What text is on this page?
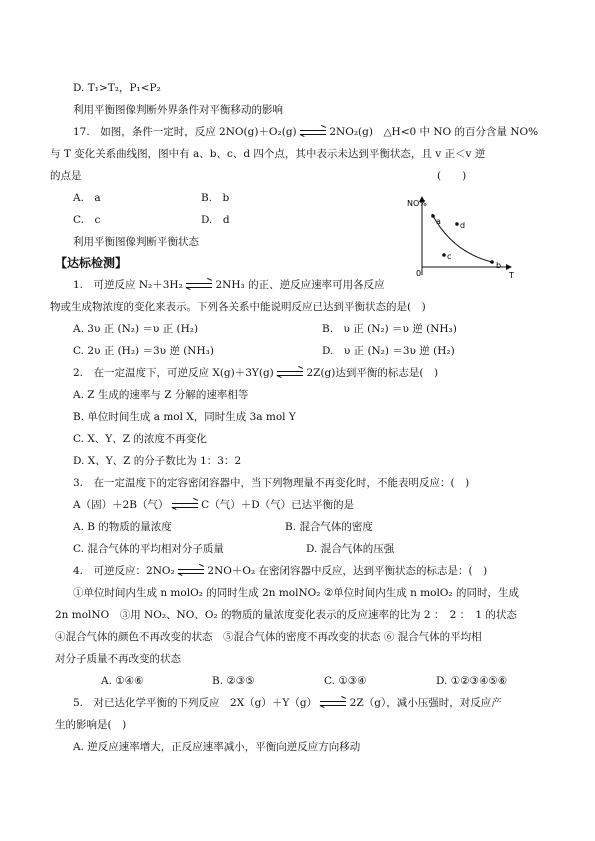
D. T₁>T₂，P₁<P₂
利用平衡图像判断外界条件对平衡移动的影响
17.　如图，条件一定时，反应 2NO(g)＋O₂(g)	2NO₂(g)　△H<0 中 NO 的百分含量 NO%
与 T 变化关系曲线图，图中有 a、b、c、d 四个点，其中表示未达到平衡状态，且 v 正＜v 逆
的点是	(　　)
A.　a	B.　b
C.　c	D.　d
利用平衡图像判断平衡状态
NO%
T
0
a
b
c
d
【达标检测】
1.　可逆反应 N₂＋3H₂	2NH₃ 的正、逆反应速率可用各反应
物或生成物浓度的变化来表示。下列各关系中能说明反应已达到平衡状态的是(　)
A. 3υ 正 (N₂) ＝υ 正 (H₂)	B.　υ 正 (N₂) ＝υ 逆 (NH₃)
C. 2υ 正 (H₂) ＝3υ 逆 (NH₃)	D.　υ 正 (N₂) ＝3υ 逆 (H₂)
2.　在一定温度下，可逆反应 X(g)＋3Y(g)	2Z(g)达到平衡的标志是(　)
A. Z 生成的速率与 Z 分解的速率相等
B. 单位时间生成 a mol X，同时生成 3a mol Y
C. X、Y、Z 的浓度不再变化
D. X、Y、Z 的分子数比为 1：3：2
3.　在一定温度下的定容密闭容器中，当下列物理量不再变化时，不能表明反应：(　)
A（固）＋2B（气）	C（气）＋D（气）已达平衡的是
A. B 的物质的量浓度	B. 混合气体的密度
C. 混合气体的平均相对分子质量	D. 混合气体的压强
4.　可逆反应：2NO₂	2NO＋O₂ 在密闭容器中反应，达到平衡状态的标志是：(　)
①单位时间内生成 n molO₂ 的同时生成 2n molNO₂ ②单位时间内生成 n molO₂ 的同时，生成
2n molNO　③用 NO₂、NO、O₂ 的物质的量浓度变化表示的反应速率的比为 2 ：　2 ：　1 的状态
④混合气体的颜色不再改变的状态　⑤混合气体的密度不再改变的状态 ⑥ 混合气体的平均相
对分子质量不再改变的状态
A. ①④⑥	B. ②③⑤	C. ①③④	D. ①②③④⑤⑥
5.　对已达化学平衡的下列反应　2X（g）＋Y（g）	2Z（g），减小压强时，对反应产
生的影响是(　)
A. 逆反应速率增大，正反应速率减小，平衡向逆反应方向移动
